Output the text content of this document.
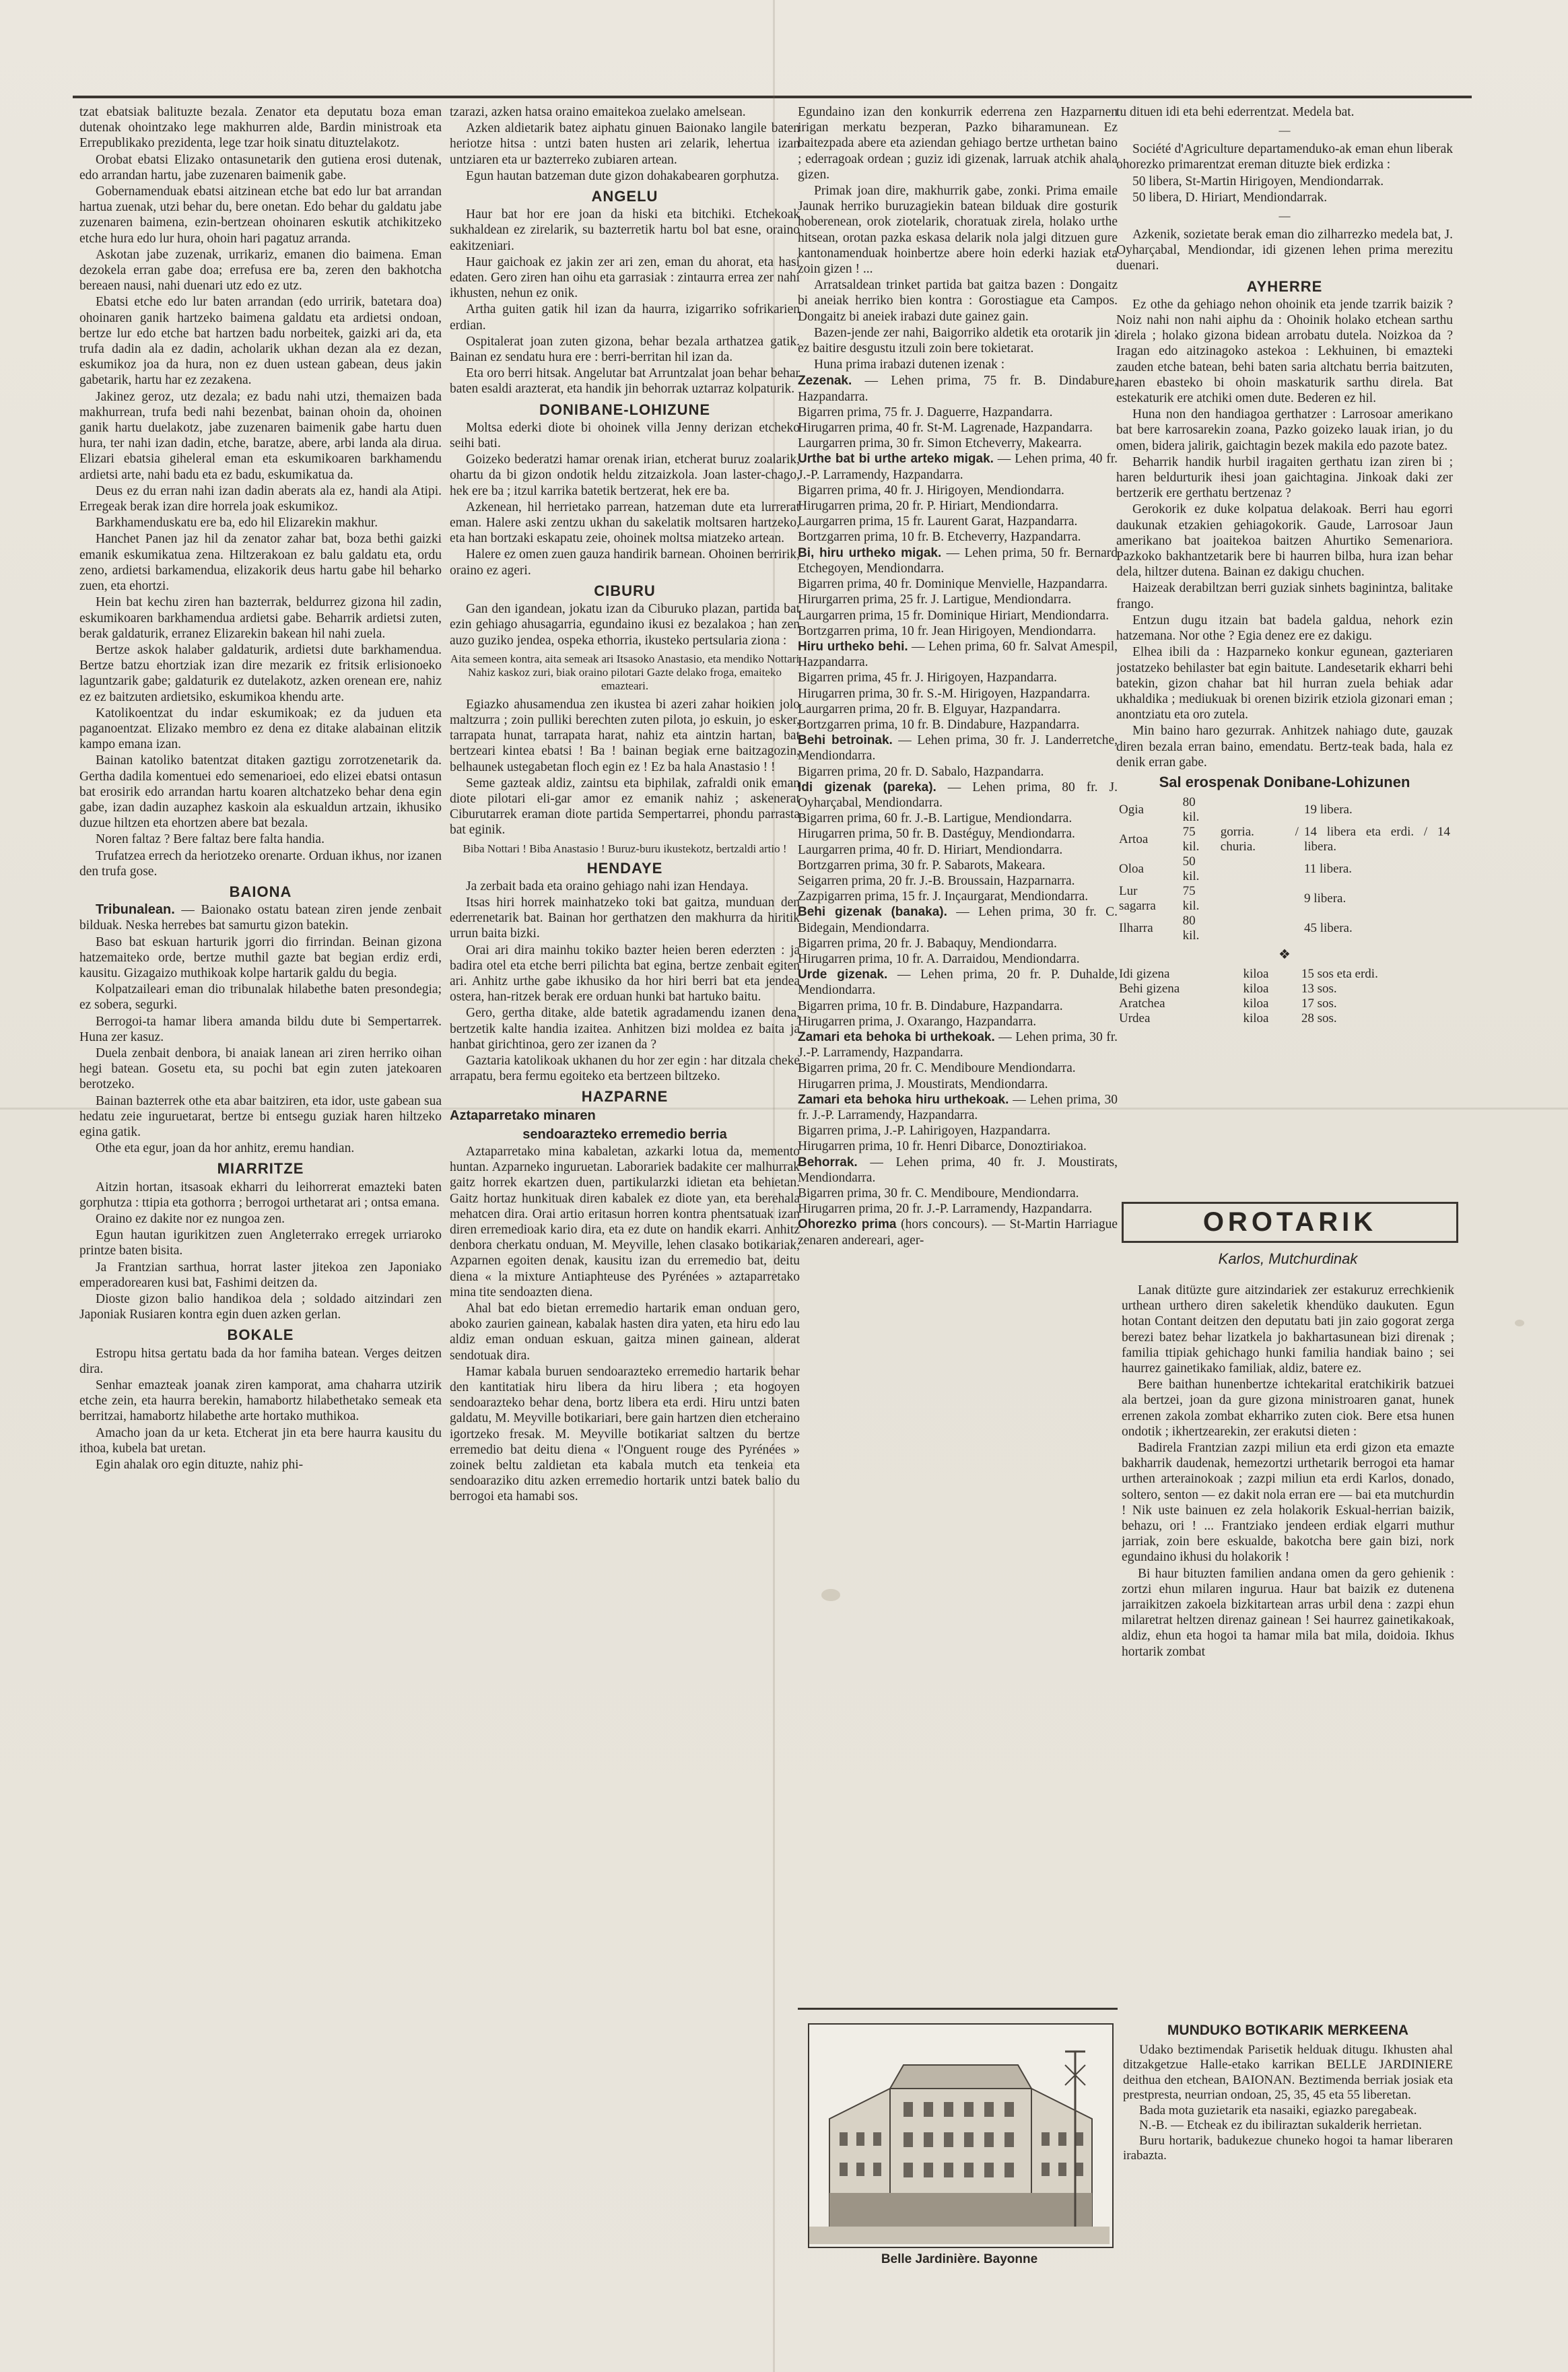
tzat ebatsiak balituzte bezala. Zenator eta deputatu boza eman dutenak ohointzako lege makhurren alde, Bardin ministroak eta Errepublikako prezidenta, lege tzar hoik sinatu dituztelakotz.

Orobat ebatsi Elizako ontasunetarik den gutiena erosi dutenak, edo arrandan hartu, jabe zuzenaren baimenik gabe.

Gobernamenduak ebatsi aitzinean etche bat edo lur bat arrandan hartua zuenak, utzi behar du, bere onetan. Edo behar du galdatu jabe zuzenaren baimena, ezin-bertzean ohoinaren eskutik atchikitzeko etche hura edo lur hura, ohoin hari pagatuz arranda.

Askotan jabe zuzenak, urrikariz, emanen dio baimena. Eman dezokela erran gabe doa; errefusa ere ba, zeren den bakhotcha bereaen nausi, nahi duenari utz edo ez utz.

Ebatsi etche edo lur baten arrandan (edo urririk, batetara doa) ohoinaren ganik hartzeko baimena galdatu eta ardietsi ondoan, bertze lur edo etche bat hartzen badu norbeitek, gaizki ari da, eta trufa dadin ala ez dadin, acholarik ukhan dezan ala ez dezan, eskumikoz joa da hura, non ez duen ustean gabean, deus jakin gabetarik, hartu har ez zezakena.

Jakinez geroz, utz dezala; ez badu nahi utzi, themaizen bada makhurrean, trufa bedi nahi bezenbat, bainan ohoin da, ohoinen ganik hartu duelakotz, jabe zuzenaren baimenik gabe hartu duen hura, ter nahi izan dadin, etche, baratze, abere, arbi landa ala dirua. Elizari ebatsia giheleral eman eta eskumikoaren barkhamendu ardietsi arte, nahi badu eta ez badu, eskumikatua da.

Deus ez du erran nahi izan dadin aberats ala ez, handi ala Atipi. Erregeak berak izan dire horrela joak eskumikoz.

Barkhamenduskatu ere ba, edo hil Elizarekin makhur.

Hanchet Panen jaz hil da zenator zahar bat, boza bethi gaizki emanik eskumikatua zena. Hiltzerakoan ez balu galdatu eta, ordu zeno, ardietsi barkamendua, elizakorik deus hartu gabe hil beharko zuen, eta ehortzi.

Hein bat kechu ziren han bazterrak, beldurrez gizona hil zadin, eskumikoaren barkhamendua ardietsi gabe. Beharrik ardietsi zuten, berak galdaturik, erranez Elizarekin bakean hil nahi zuela.

Bertze askok halaber galdaturik, ardietsi dute barkhamendua. Bertze batzu ehortziak izan dire mezarik ez fritsik erlisionoeko laguntzarik gabe; galdaturik ez dutelakotz, azken orenean ere, nahiz ez ez baitzuten ardietsiko, eskumikoa khendu arte.

Katolikoentzat du indar eskumikoak; ez da juduen eta paganoentzat. Elizako membro ez dena ez ditake alabainan elitzik kampo emana izan.

Bainan katoliko batentzat ditaken gaztigu zorrotzenetarik da. Gertha dadila komentuei edo semenarioei, edo elizei ebatsi ontasun bat erosirik edo arrandan hartu koaren altchatzeko behar dena egin gabe, izan dadin auzaphez kaskoin ala eskualdun artzain, ikhusiko duzue hiltzen eta ehortzen abere bat bezala.

Noren faltaz ? Bere faltaz bere falta handia.

Trufatzea errech da heriotzeko orenarte. Orduan ikhus, nor izanen den trufa gose.

BAIONA

Tribunalean. — Baionako ostatu batean ziren jende zenbait bilduak. Neska herrebes bat samurtu gizon batekin.

Baso bat eskuan harturik jgorri dio firrindan. Beinan gizona hatzemaiteko orde, bertze muthil gazte bat begian erdiz erdi, kausitu. Gizagaizo muthikoak kolpe hartarik galdu du begia.

Kolpatzaileari eman dio tribunalak hilabethe baten presondegia; ez sobera, segurki.

Berrogoi-ta hamar libera amanda bildu dute bi Sempertarrek. Huna zer kasuz.

Duela zenbait denbora, bi anaiak lanean ari ziren herriko oihan hegi batean. Gosetu eta, su pochi bat egin zuten jatekoaren berotzeko.

Bainan bazterrek othe eta abar baitziren, eta idor, uste gabean sua hedatu zeie inguruetarat, bertze bi entsegu guziak haren hiltzeko egina gatik.

Othe eta egur, joan da hor anhitz, eremu handian.

MIARRITZE

Aitzin hortan, itsasoak ekharri du leihorrerat emazteki baten gorphutza : ttipia eta gothorra ; berrogoi urthetarat ari ; ontsa emana.

Oraino ez dakite nor ez nungoa zen.

Egun hautan igurikitzen zuen Angleterrako erregek urriaroko printze baten bisita.

Ja Frantzian sarthua, horrat laster jitekoa zen Japoniako emperadorearen kusi bat, Fashimi deitzen da.

Dioste gizon balio handikoa dela ; soldado aitzindari zen Japoniak Rusiaren kontra egin duen azken gerlan.

BOKALE

Estropu hitsa gertatu bada da hor famiha batean. Verges deitzen dira.

Senhar emazteak joanak ziren kamporat, ama chaharra utzirik etche zein, eta haurra berekin, hamabortz hilabethetako semeak eta berritzai, hamabortz hilabethe arte hortako muthikoa.

Amacho joan da ur keta. Etcherat jin eta bere haurra kausitu du ithoa, kubela bat uretan.

Egin ahalak oro egin dituzte, nahiz phi-

tzarazi, azken hatsa oraino emaitekoa zuelako amelsean.

Azken aldietarik batez aiphatu ginuen Baionako langile baten heriotze hitsa : untzi baten husten ari zelarik, lehertua izan untziaren eta ur bazterreko zubiaren artean.

Egun hautan batzeman dute gizon dohakabearen gorphutza.

ANGELU

Haur bat hor ere joan da hiski eta bitchiki. Etchekoak sukhaldean ez zirelarik, su bazterretik hartu bol bat esne, oraino eakitzeniari.

Haur gaichoak ez jakin zer ari zen, eman du ahorat, eta hasi edaten. Gero ziren han oihu eta garrasiak : zintaurra errea zer nahi ikhusten, nehun ez onik.

Artha guiten gatik hil izan da haurra, izigarriko sofrikarien erdian.

Ospitalerat joan zuten gizona, behar bezala arthatzea gatik. Bainan ez sendatu hura ere : berri-berritan hil izan da.

Eta oro berri hitsak. Angelutar bat Arruntzalat joan behar behar baten esaldi arazterat, eta handik jin behorrak uztarraz kolpaturik.

DONIBANE-LOHIZUNE

Moltsa ederki diote bi ohoinek villa Jenny derizan etcheko seihi bati.

Goizeko bederatzi hamar orenak irian, etcherat buruz zoalarik, ohartu da bi gizon ondotik heldu zitzaizkola. Joan laster-chago, hek ere ba ; itzul karrika batetik bertzerat, hek ere ba.

Azkenean, hil herrietako parrean, hatzeman dute eta lurrerat eman. Halere aski zentzu ukhan du sakelatik moltsaren hartzeko, eta han bortzaki eskapatu zeie, ohoinek moltsa miatzeko artean.

Halere ez omen zuen gauza handirik barnean. Ohoinen berririk, oraino ez ageri.

CIBURU

Gan den igandean, jokatu izan da Ciburuko plazan, partida bat ezin gehiago ahusagarria, egundaino ikusi ez bezalakoa ; han zen auzo guziko jendea, ospeka ethorria, ikusteko pertsularia ziona :

Aita semeen kontra, aita semeak ari Itsasoko Anastasio, eta mendiko Nottari Nahiz kaskoz zuri, biak oraino pilotari Gazte delako froga, emaiteko emazteari.

Egiazko ahusamendua zen ikustea bi azeri zahar hoikien jolo maltzurra ; zoin pulliki berechten zuten pilota, jo eskuin, jo esker, tarrapata hunat, tarrapata harat, nahiz eta aintzin hartan, bat bertzeari kintea ebatsi ! Ba ! bainan begiak erne baitzagozin, belhaunek ustegabetan floch egin ez ! Ez ba hala Anastasio ! !

Seme gazteak aldiz, zaintsu eta biphilak, zafraldi onik eman diote pilotari eli-gar amor ez emanik nahiz ; askenerat Ciburutarrek eraman diote partida Sempertarrei, phondu parrasta bat eginik.

Biba Nottari ! Biba Anastasio ! Buruz-buru ikustekotz, bertzaldi artio !

HENDAYE

Ja zerbait bada eta oraino gehiago nahi izan Hendaya.

Itsas hiri horrek mainhatzeko toki bat gaitza, munduan den ederrenetarik bat. Bainan hor gerthatzen den makhurra da hiritik urrun baita bizki.

Orai ari dira mainhu tokiko bazter heien beren ederzten : ja badira otel eta etche berri pilichta bat egina, bertze zenbait egiten ari. Anhitz urthe gabe ikhusiko da hor hiri berri bat eta jendea ostera, han-ritzek berak ere orduan hunki bat hartuko baitu.

Gero, gertha ditake, alde batetik agradamendu izanen dena, bertzetik kalte handia izaitea. Anhitzen bizi moldea ez baita ja hanbat girichtinoa, gero zer izanen da ?

Gaztaria katolikoak ukhanen du hor zer egin : har ditzala cheke arrapatu, bera fermu egoiteko eta bertzeen biltzeko.

HAZPARNE
Aztaparretako minaren
sendoarazteko erremedio berria

Aztaparretako mina kabaletan, azkarki lotua da, memento huntan. Azparneko inguruetan. Laborariek badakite cer malhurrak gaitz horrek ekartzen duen, partikularzki idietan eta behietan. Gaitz hortaz hunkituak diren kabalek ez diote yan, eta berehala mehatcen dira. Orai artio eritasun horren kontra phentsatuak izan diren erremedioak kario dira, eta ez dute on handik ekarri. Anhitz denbora cherkatu onduan, M. Meyville, lehen clasako botikariak, Azparnen egoiten denak, kausitu izan du erremedio bat, deitu diena « la mixture Antiaphteuse des Pyrénées » aztaparretako mina tite sendoazten diena.

Ahal bat edo bietan erremedio hartarik eman onduan gero, aboko zaurien gainean, kabalak hasten dira yaten, eta hiru edo lau aldiz eman onduan eskuan, gaitza minen gainean, alderat sendotuak dira.

Hamar kabala buruen sendoarazteko erremedio hartarik behar den kantitatiak hiru libera da hiru libera ; eta hogoyen sendoarazteko behar dena, bortz libera eta erdi. Hiru untzi baten galdatu, M. Meyville botikariari, bere gain hartzen dien etcheraino igortzeko fresak. M. Meyville botikariat saltzen du bertze erremedio bat deitu diena « l'Onguent rouge des Pyrénées » zoinek beltu zaldietan eta kabala mutch eta tenkeia eta sendoaraziko ditu azken erremedio hortarik untzi batek balio du berrogoi eta hamabi sos.

Egundaino izan den konkurrik ederrena zen Hazparnen irigan merkatu bezperan, Pazko biharamunean. Ez baitezpada abere eta aziendan gehiago bertze urthetan baino ; ederragoak ordean ; guziz idi gizenak, larruak atchik ahala gizen.

Primak joan dire, makhurrik gabe, zonki. Prima emaile Jaunak herriko buruzagiekin batean bilduak dire gosturik hoberenean, orok ziotelarik, choratuak zirela, holako urthe hitsean, orotan pazka eskasa delarik nola jalgi ditzuen gure kantonamenduak hoinbertze abere hoin ederki haziak eta zoin gizen ! ...

Arratsaldean trinket partida bat gaitza bazen : Dongaitz bi aneiak herriko bien kontra : Gorostiague eta Campos. Dongaitz bi aneiek irabazi dute gainez gain.

Bazen-jende zer nahi, Baigorriko aldetik eta orotarik jin ; ez baitire desgustu itzuli zoin bere tokietarat.

Huna prima irabazi dutenen izenak :

Zezenak. — Lehen prima, 75 fr. B. Dindabure, Hazpandarra.

Bigarren prima, 75 fr. J. Daguerre, Hazpandarra.

Hirugarren prima, 40 fr. St-M. Lagrenade, Hazpandarra.

Laurgarren prima, 30 fr. Simon Etcheverry, Makearra.

Urthe bat bi urthe arteko migak. — Lehen prima, 40 fr. J.-P. Larramendy, Hazpandarra.

Bigarren prima, 40 fr. J. Hirigoyen, Mendiondarra.

Hirugarren prima, 20 fr. P. Hiriart, Mendiondarra.

Laurgarren prima, 15 fr. Laurent Garat, Hazpandarra.

Bortzgarren prima, 10 fr. B. Etcheverry, Hazpandarra.

Bi, hiru urtheko migak. — Lehen prima, 50 fr. Bernard Etchegoyen, Mendiondarra.

Bigarren prima, 40 fr. Dominique Menvielle, Hazpandarra.

Hirurgarren prima, 25 fr. J. Lartigue, Mendiondarra.

Laurgarren prima, 15 fr. Dominique Hiriart, Mendiondarra.

Bortzgarren prima, 10 fr. Jean Hirigoyen, Mendiondarra.

Hiru urtheko behi. — Lehen prima, 60 fr. Salvat Amespil, Hazpandarra.

Bigarren prima, 45 fr. J. Hirigoyen, Hazpandarra.

Hirugarren prima, 30 fr. S.-M. Hirigoyen, Hazpandarra.

Laurgarren prima, 20 fr. B. Elguyar, Hazpandarra.

Bortzgarren prima, 10 fr. B. Dindabure, Hazpandarra.

Behi betroinak. — Lehen prima, 30 fr. J. Landerretche, Mendiondarra.

Bigarren prima, 20 fr. D. Sabalo, Hazpandarra.

Idi gizenak (pareka). — Lehen prima, 80 fr. J. Oyharçabal, Mendiondarra.

Bigarren prima, 60 fr. J.-B. Lartigue, Mendiondarra.

Hirugarren prima, 50 fr. B. Dastéguy, Mendiondarra.

Laurgarren prima, 40 fr. D. Hiriart, Mendiondarra.

Bortzgarren prima, 30 fr. P. Sabarots, Makeara.

Seigarren prima, 20 fr. J.-B. Broussain, Hazparnarra.

Zazpigarren prima, 15 fr. J. Inçaurgarat, Mendiondarra.

Behi gizenak (banaka). — Lehen prima, 30 fr. C. Bidegain, Mendiondarra.

Bigarren prima, 20 fr. J. Babaquy, Mendiondarra.

Hirugarren prima, 10 fr. A. Darraidou, Mendiondarra.

Urde gizenak. — Lehen prima, 20 fr. P. Duhalde, Mendiondarra.

Bigarren prima, 10 fr. B. Dindabure, Hazpandarra.

Hirugarren prima, J. Oxarango, Hazpandarra.

Zamari eta behoka bi urthekoak. — Lehen prima, 30 fr. J.-P. Larramendy, Hazpandarra.

Bigarren prima, 20 fr. C. Mendibourе Mendiondarra.

Hirugarren prima, J. Moustirats, Mendiondarra.

Zamari eta behoka hiru urthekoak. — Lehen prima, 30 fr. J.-P. Larramendy, Hazpandarra.

Bigarren prima, J.-P. Lahirigoyen, Hazpandarra.

Hirugarren prima, 10 fr. Henri Dibarce, Donoztiriakoa.

Behorrak. — Lehen prima, 40 fr. J. Moustirats, Mendiondarra.

Bigarren prima, 30 fr. C. Mendiboure, Mendiondarra.

Hirugarren prima, 20 fr. J.-P. Larramendy, Hazpandarra.

Ohorezko prima (hors concours). — St-Martin Harriague zenaren andereari, ager-

tu dituen idi eta behi ederrentzat. Medela bat.

—

Société d'Agriculture departamenduko-ak eman ehun liberak ohorezko primarentzat ereman dituzte biek erdizka :

50 libera, St-Martin Hirigoyen, Mendiondarrak.

50 libera, D. Hiriart, Mendiondarrak.

—

Azkenik, sozietate berak eman dio zilharrezko medela bat, J. Oyharçabal, Mendiondar, idi gizenen lehen prima merezitu duenari.

AYHERRE

Ez othe da gehiago nehon ohoinik eta jende tzarrik baizik ? Noiz nahi non nahi aiphu da : Ohoinik holako etchean sarthu direla ; holako gizona bidean arrobatu dutela. Noizkoa da ? Iragan edo aitzinagoko astekoa : Lekhuinen, bi emazteki zauden etche batean, behi baten saria altchatu berria baitzuten, haren ebasteko bi ohoin maskaturik sarthu direla. Bat estekaturik ere atchiki omen dute. Bederen ez hil.

Huna non den handiagoa gerthatzer : Larrosoar amerikano bat bere karrosarekin zoana, Pazko goizeko lauak irian, jo du omen, bidera jalirik, gaichtagin bezek makila edo pazote batez.

Beharrik handik hurbil iragaiten gerthatu izan ziren bi ; haren beldurturik ihesi joan gaichtagina. Jinkoak daki zer bertzerik ere gerthatu bertzenaz ?

Gerokorik ez duke kolpatua delakoak. Berri hau egorri daukunak etzakien gehiagokorik. Gaude, Larrosoar Jaun amerikano bat joaitekoa baitzen Ahurtiko Semenariora. Pazkoko bakhantzetarik bere bi haurren bilba, hura izan behar dela, hiltzer dutena. Bainan ez dakigu chuchen.

Haizeak derabiltzan berri guziak sinhets baginintza, balitake frango.

Entzun dugu itzain bat badela galdua, nehork ezin hatzemana. Nor othe ? Egia denez ere ez dakigu.

Elhea ibili da : Hazparneko konkur egunean, gazteriaren jostatzeko behilaster bat egin baitute. Landesetarik ekharri behi batekin, gizon chahar bat hil hurran zuela behiak adar ukhaldika ; mediukuak bi orenen bizirik etziola gizonari eman ; anontziatu eta oro zutela.

Min baino haro gezurrak. Anhitzek nahiago dute, gauzak diren bezala erran baino, emendatu. Bertz-teak bada, hala ez denik erran gabe.

Sal erospenak Donibane-Lohizunen
Ogia	80 kil.		19 libera.
Artoa	75 kil.	gorria. / churia.	14 libera eta erdi. / 14 libera.
Oloa	50 kil.		11 libera.
Lur sagarra	75 kil.		9 libera.
Ilharra	80 kil.		45 libera.
❖
Idi gizena	kiloa	15 sos eta erdi.
Behi gizena	kiloa	13 sos.
Aratchea	kiloa	17 sos.
Urdea	kiloa	28 sos.
OROTARIK
Karlos, Mutchurdinak

Lanak ditüzte gure aitzindariek zer estakuruz errechkienik urthean urthero diren sakeletik khendüko daukuten. Egun hotan Contant deitzen den deputatu bati jin zaio gogorat zerga berezi batez behar lizatkela jo bakhartasunean bizi direnak ; familia ttipiak gehichago hunki familia handiak baino ; sei haurrez gainetikako familiak, aldiz, batere ez.

Bere baithan hunenbertze ichtekarital eratchikirik batzuei ala bertzei, joan da gure gizona ministroaren ganat, hunek errenen zakola zombat ekharriko zuten ciok. Bere etsa hunen ondotik ; ikhertzearekin, zer erakutsi dieten :

Badirela Frantzian zazpi miliun eta erdi gizon eta emazte bakharrik daudenak, hemezortzi urthetarik berrogoi eta hamar urthen arterainokoak ; zazpi miliun eta erdi Karlos, donado, soltero, senton — ez dakit nola erran ere — bai eta mutchurdin ! Nik uste bainuen ez zela holakorik Eskual-herrian baizik, behazu, ori ! ... Frantziako jendeen erdiak elgarri muthur jarriak, zoin bere eskualde, bakotcha bere gain bizi, nork egundaino ikhusi du holakorik !

Bi haur bituzten familien andana omen da gero gehienik : zortzi ehun milaren ingurua. Haur bat baizik ez dutenena jarraikitzen zakoela bizkitartean arras urbil dena : zazpi ehun milaretrat heltzen direnaz gainean ! Sei haurrez gainetikakoak, aldiz, ehun eta hogoi ta hamar mila bat mila, doidoia. Ikhus hortarik zombat

Belle Jardinière. Bayonne
MUNDUKO BOTIKARIK MERKEENA

Udako beztimendak Parisetik helduak ditugu. Ikhusten ahal ditzakgetzue Halle-etako karrikan BELLE JARDINIERE deithua den etchean, BAIONAN. Beztimenda berriak josiak eta prestpresta, neurrian ondoan, 25, 35, 45 eta 55 liberetan.

Bada mota guzietarik eta nasaiki, egiazko paregabeak.

N.-B. — Etcheak ez du ibiliraztan sukalderik herrietan.

Buru hortarik, badukezue chuneko hogoi ta hamar liberaren irabazta.
